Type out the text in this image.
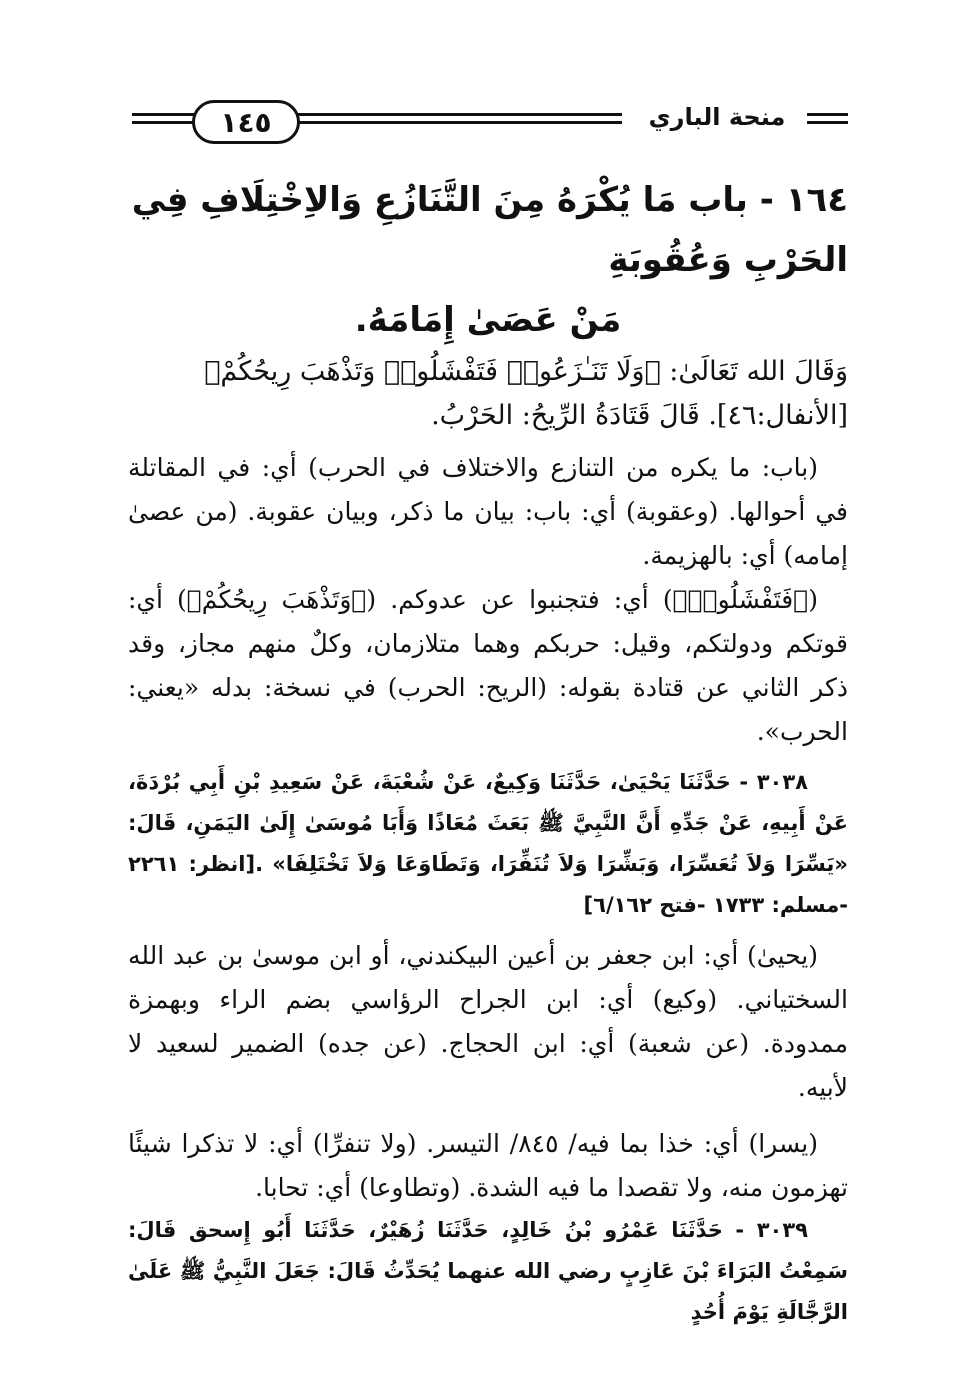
١٤٥	منحة الباري

١٦٤ - باب مَا يُكْرَهُ مِنَ التَّنَازُعِ وَالاِخْتِلَافِ فِي الحَرْبِ وَعُقُوبَةِ
مَنْ عَصَىٰ إِمَامَهُ.

وَقَالَ الله تَعَالَىٰ: ﴿وَلَا تَنَـٰزَعُوا۟ فَتَفْشَلُوا۟ وَتَذْهَبَ رِيحُكُمْ﴾

[الأنفال:٤٦]. قَالَ قَتَادَةُ الرِّيحُ: الحَرْبُ.

(باب: ما يكره من التنازع والاختلاف في الحرب) أي: في المقاتلة في أحوالها. (وعقوبة) أي: باب: بيان ما ذكر، وبيان عقوبة. (من عصىٰ إمامه) أي: بالهزيمة.

(﴿فَتَفْشَلُوا۟﴾) أي: فتجنبوا عن عدوكم. (﴿وَتَذْهَبَ رِيحُكُمْ﴾) أي: قوتكم ودولتكم، وقيل: حربكم وهما متلازمان، وكلٌ منهم مجاز، وقد ذكر الثاني عن قتادة بقوله: (الريح: الحرب) في نسخة: بدله «يعني: الحرب».

٣٠٣٨ - حَدَّثَنَا يَحْيَىٰ، حَدَّثَنَا وَكِيعٌ، عَنْ شُعْبَةَ، عَنْ سَعِيدِ بْنِ أَبِي بُرْدَةَ، عَنْ أَبِيهِ، عَنْ جَدِّهِ أَنَّ النَّبِيَّ ﷺ بَعَثَ مُعَاذًا وَأَبَا مُوسَىٰ إِلَىٰ اليَمَنِ، قَالَ: «يَسِّرَا وَلاَ تُعَسِّرَا، وَبَشِّرَا وَلاَ تُنَفِّرَا، وَتَطَاوَعَا وَلاَ تَخْتَلِفَا» .[انظر: ٢٢٦١ -مسلم: ١٧٣٣ -فتح ٦/١٦٢]

(يحيىٰ) أي: ابن جعفر بن أعين البيكندني، أو ابن موسىٰ بن عبد الله السختياني. (وكيع) أي: ابن الجراح الرؤاسي بضم الراء وبهمزة ممدودة. (عن شعبة) أي: ابن الحجاج. (عن جده) الضمير لسعيد لا لأبيه.

(يسرا) أي: خذا بما فيه/ ٨٤٥/ التيسر. (ولا تنفرِّا) أي: لا تذكرا شيئًا تهزمون منه، ولا تقصدا ما فيه الشدة. (وتطاوعا) أي: تحابا.

٣٠٣٩ - حَدَّثَنَا عَمْرُو بْنُ خَالِدٍ، حَدَّثَنَا زُهَيْرٌ، حَدَّثَنَا أَبُو إِسحق قَالَ: سَمِعْتُ البَرَاءَ بْنَ عَازِبٍ رضي الله عنهما يُحَدِّثُ قَالَ: جَعَلَ النَّبِيُّ ﷺ عَلَىٰ الرَّجَّالَةِ يَوْمَ أُحُدٍ
